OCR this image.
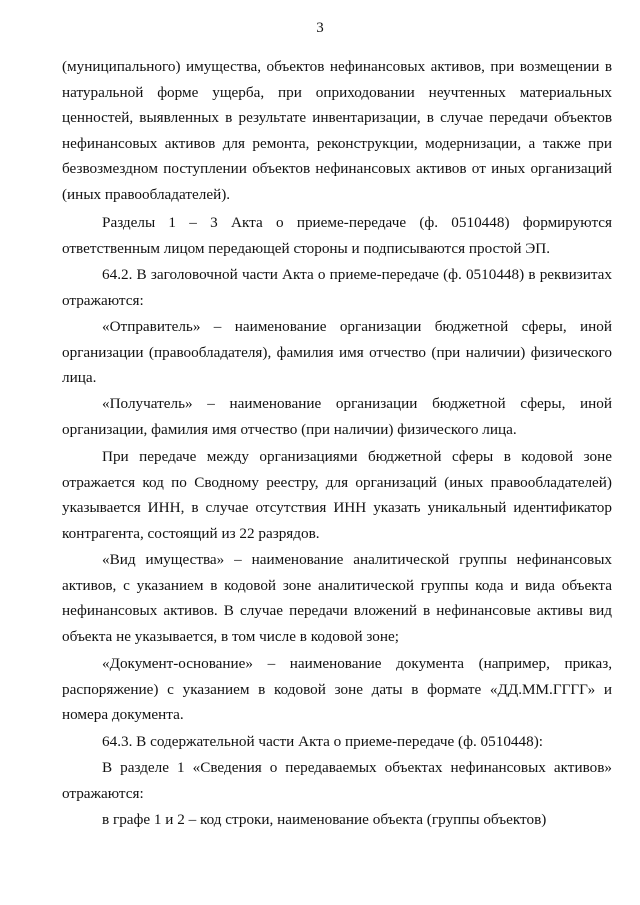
3

(муниципального) имущества, объектов нефинансовых активов, при возмещении в натуральной форме ущерба, при оприходовании неучтенных материальных ценностей, выявленных в результате инвентаризации, в случае передачи объектов нефинансовых активов для ремонта, реконструкции, модернизации, а также при безвозмездном поступлении объектов нефинансовых активов от иных организаций (иных правообладателей).

Разделы 1 – 3 Акта о приеме-передаче (ф. 0510448) формируются ответственным лицом передающей стороны и подписываются простой ЭП.

64.2. В заголовочной части Акта о приеме-передаче (ф. 0510448) в реквизитах отражаются:

«Отправитель» – наименование организации бюджетной сферы, иной организации (правообладателя), фамилия имя отчество (при наличии) физического лица.

«Получатель» – наименование организации бюджетной сферы, иной организации, фамилия имя отчество (при наличии) физического лица.

При передаче между организациями бюджетной сферы в кодовой зоне отражается код по Сводному реестру, для организаций (иных правообладателей) указывается ИНН, в случае отсутствия ИНН указать уникальный идентификатор контрагента, состоящий из 22 разрядов.

«Вид имущества» – наименование аналитической группы нефинансовых активов, с указанием в кодовой зоне аналитической группы кода и вида объекта нефинансовых активов. В случае передачи вложений в нефинансовые активы вид объекта не указывается, в том числе в кодовой зоне;

«Документ-основание» – наименование документа (например, приказ, распоряжение) с указанием в кодовой зоне даты в формате «ДД.ММ.ГГГГ» и номера документа.

64.3. В содержательной части Акта о приеме-передаче (ф. 0510448):

В разделе 1 «Сведения о передаваемых объектах нефинансовых активов» отражаются:

в графе 1 и 2 – код строки, наименование объекта (группы объектов)
